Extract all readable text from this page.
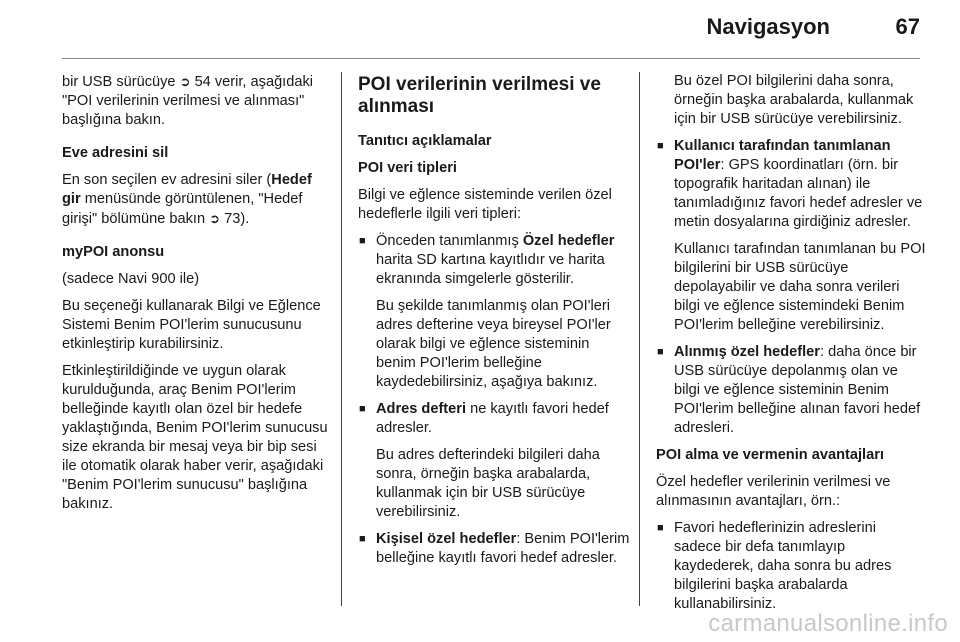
Navigasyon	67

bir USB sürücüye ➲ 54 verir, aşağıdaki "POI verilerinin verilmesi ve alınması" başlığına bakın.

Eve adresini sil

En son seçilen ev adresini siler (Hedef gir menüsünde görüntülenen, "Hedef girişi" bölümüne bakın ➲ 73).

myPOI anonsu

(sadece Navi 900 ile)

Bu seçeneği kullanarak Bilgi ve Eğlence Sistemi Benim POI'lerim sunucusunu etkinleştirip kurabilirsiniz.

Etkinleştirildiğinde ve uygun olarak kurulduğunda, araç Benim POI'lerim belleğinde kayıtlı olan özel bir hedefe yaklaştığında, Benim POI'lerim sunucusu size ekranda bir mesaj veya bir bip sesi ile otomatik olarak haber verir, aşağıdaki "Benim POI'lerim sunucusu" başlığına bakınız.

POI verilerinin verilmesi ve alınması

Tanıtıcı açıklamalar

POI veri tipleri

Bilgi ve eğlence sisteminde verilen özel hedeflerle ilgili veri tipleri:

■ Önceden tanımlanmış Özel hedefler harita SD kartına kayıtlıdır ve harita ekranında simgelerle gösterilir.

Bu şekilde tanımlanmış olan POI'leri adres defterine veya bireysel POI'ler olarak bilgi ve eğlence sisteminin benim POI'lerim belleğine kaydedebilirsiniz, aşağıya bakınız.

■ Adres defteri ne kayıtlı favori hedef adresler.

Bu adres defterindeki bilgileri daha sonra, örneğin başka arabalarda, kullanmak için bir USB sürücüye verebilirsiniz.

■ Kişisel özel hedefler: Benim POI'lerim belleğine kayıtlı favori hedef adresler.

Bu özel POI bilgilerini daha sonra, örneğin başka arabalarda, kullanmak için bir USB sürücüye verebilirsiniz.

■ Kullanıcı tarafından tanımlanan POI'ler: GPS koordinatları (örn. bir topografik haritadan alınan) ile tanımladığınız favori hedef adresler ve metin dosyalarına girdiğiniz adresler.

Kullanıcı tarafından tanımlanan bu POI bilgilerini bir USB sürücüye depolayabilir ve daha sonra verileri bilgi ve eğlence sistemindeki Benim POI'lerim belleğine verebilirsiniz.

■ Alınmış özel hedefler: daha önce bir USB sürücüye depolanmış olan ve bilgi ve eğlence sisteminin Benim POI'lerim belleğine alınan favori hedef adresleri.

POI alma ve vermenin avantajları

Özel hedefler verilerinin verilmesi ve alınmasının avantajları, örn.:

■ Favori hedeflerinizin adreslerini sadece bir defa tanımlayıp kaydederek, daha sonra bu adres bilgilerini başka arabalarda kullanabilirsiniz.

carmanualsonline.info
